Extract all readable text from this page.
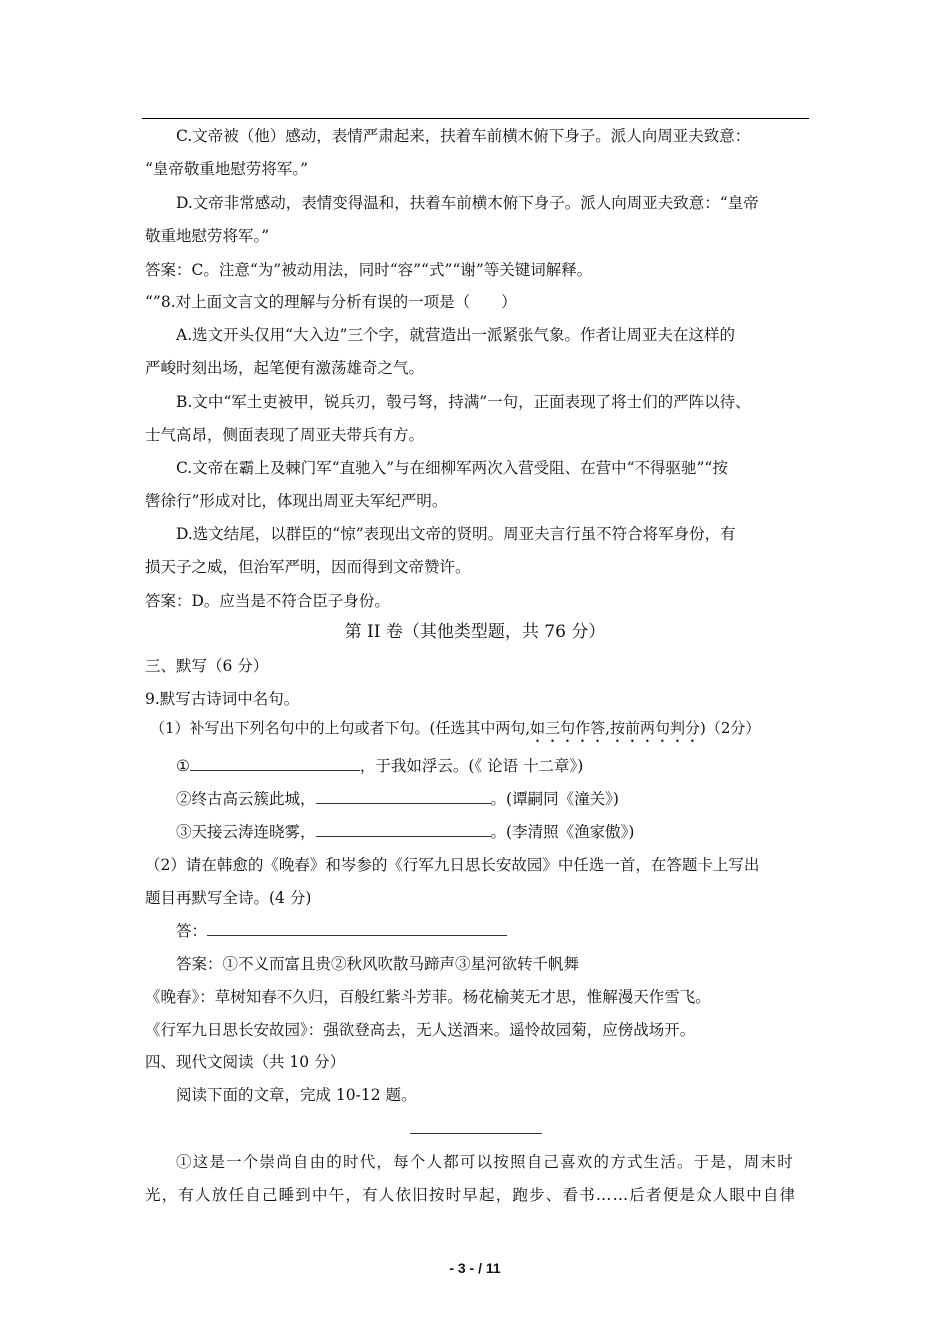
C.文帝被（他）感动，表情严肃起来，扶着车前横木俯下身子。派人向周亚夫致意：
“皇帝敬重地慰劳将军。”
D.文帝非常感动，表情变得温和，扶着车前横木俯下身子。派人向周亚夫致意：“皇帝
敬重地慰劳将军。”
答案：C。注意“为”被动用法，同时“容”“式”“谢”等关键词解释。
“”8.对上面文言文的理解与分析有误的一项是（　　）
A.选文开头仅用“大入边”三个字，就营造出一派紧张气象。作者让周亚夫在这样的
严峻时刻出场，起笔便有激荡雄奇之气。
B.文中“军土吏被甲，锐兵刃，彀弓弩，持满”一句，正面表现了将士们的严阵以待、
士气高昂，侧面表现了周亚夫带兵有方。
C.文帝在霸上及棘门军“直驰入”与在细柳军两次入营受阻、在营中“不得驱驰”“按
辔徐行”形成对比，体现出周亚夫军纪严明。
D.选文结尾，以群臣的“惊”表现出文帝的贤明。周亚夫言行虽不符合将军身份，有
损天子之威，但治军严明，因而得到文帝赞许。
答案：D。应当是不符合臣子身份。
第 II 卷（其他类型题，共 76 分）
三、默写（6 分）
9.默写古诗词中名句。
（1）补写出下列名句中的上句或者下句。(任选其中两句,如三句作答,按前两句判分)（2分）
①	，于我如浮云。(《 论语 十二章》)
②终古高云簇此城，	。(谭嗣同《潼关》)
③天接云涛连晓雾，	。(李清照《渔家傲》)
（2）请在韩愈的《晚春》和岑参的《行军九日思长安故园》中任选一首，在答题卡上写出
题目再默写全诗。(4 分)
答：
答案：①不义而富且贵②秋风吹散马蹄声③星河欲转千帆舞
《晚春》：草树知春不久归，百般红紫斗芳菲。杨花榆荚无才思，惟解漫天作雪飞。
《行军九日思长安故园》：强欲登高去，无人送酒来。遥怜故园菊，应傍战场开。
四、现代文阅读（共 10 分）
阅读下面的文章，完成 10-12 题。
①这是一个崇尚自由的时代，每个人都可以按照自己喜欢的方式生活。于是，周末时
光，有人放任自己睡到中午，有人依旧按时早起，跑步、看书……后者便是众人眼中自律
- 3 - / 11
